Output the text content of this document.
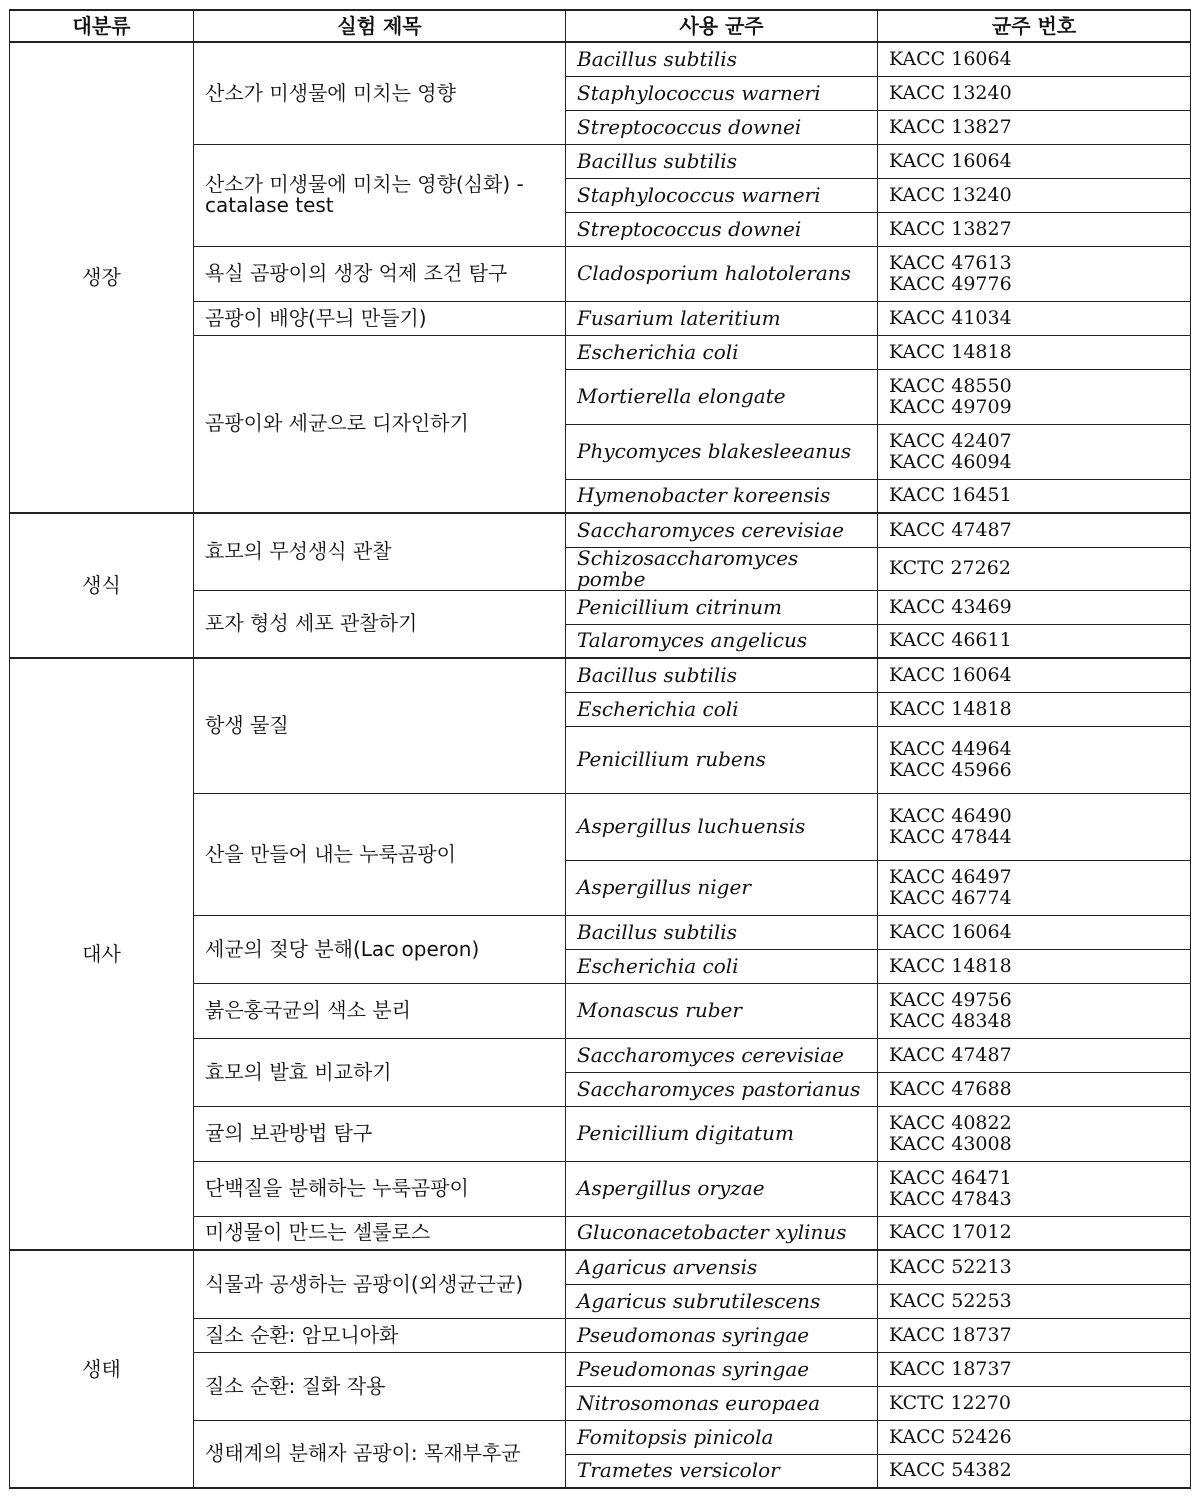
대분류	실험 제목	사용 균주	균주 번호
생장	산소가 미생물에 미치는 영향	Bacillus subtilis	KACC 16064

		Staphylococcus warneri	KACC 13240

		Streptococcus downei	KACC 13827

	산소가 미생물에 미치는 영향(심화) - catalase test	Bacillus subtilis	KACC 16064

		Staphylococcus warneri	KACC 13240

		Streptococcus downei	KACC 13827

	욕실 곰팡이의 생장 억제 조건 탐구	Cladosporium halotolerans	KACC 47613
KACC 49776

	곰팡이 배양(무늬 만들기)	Fusarium lateritium	KACC 41034

	곰팡이와 세균으로 디자인하기	Escherichia coli	KACC 14818

		Mortierella elongate	KACC 48550
KACC 49709

		Phycomyces blakesleeanus	KACC 42407
KACC 46094

		Hymenobacter koreensis	KACC 16451

생식	효모의 무성생식 관찰	Saccharomyces cerevisiae	KACC 47487

		Schizosaccharomyces pombe	KCTC 27262

	포자 형성 세포 관찰하기	Penicillium citrinum	KACC 43469

		Talaromyces angelicus	KACC 46611

대사	항생 물질	Bacillus subtilis	KACC 16064

		Escherichia coli	KACC 14818

		Penicillium rubens	KACC 44964
KACC 45966

	산을 만들어 내는 누룩곰팡이	Aspergillus luchuensis	KACC 46490
KACC 47844

		Aspergillus niger	KACC 46497
KACC 46774

	세균의 젖당 분해(Lac operon)	Bacillus subtilis	KACC 16064

		Escherichia coli	KACC 14818

	붉은홍국균의 색소 분리	Monascus ruber	KACC 49756
KACC 48348

	효모의 발효 비교하기	Saccharomyces cerevisiae	KACC 47487

		Saccharomyces pastorianus	KACC 47688

	귤의 보관방법 탐구	Penicillium digitatum	KACC 40822
KACC 43008

	단백질을 분해하는 누룩곰팡이	Aspergillus oryzae	KACC 46471
KACC 47843

	미생물이 만드는 셀룰로스	Gluconacetobacter xylinus	KACC 17012

생태	식물과 공생하는 곰팡이(외생균근균)	Agaricus arvensis	KACC 52213

		Agaricus subrutilescens	KACC 52253

	질소 순환: 암모니아화	Pseudomonas syringae	KACC 18737

	질소 순환: 질화 작용	Pseudomonas syringae	KACC 18737

		Nitrosomonas europaea	KCTC 12270

	생태계의 분해자 곰팡이: 목재부후균	Fomitopsis pinicola	KACC 52426

		Trametes versicolor	KACC 54382
